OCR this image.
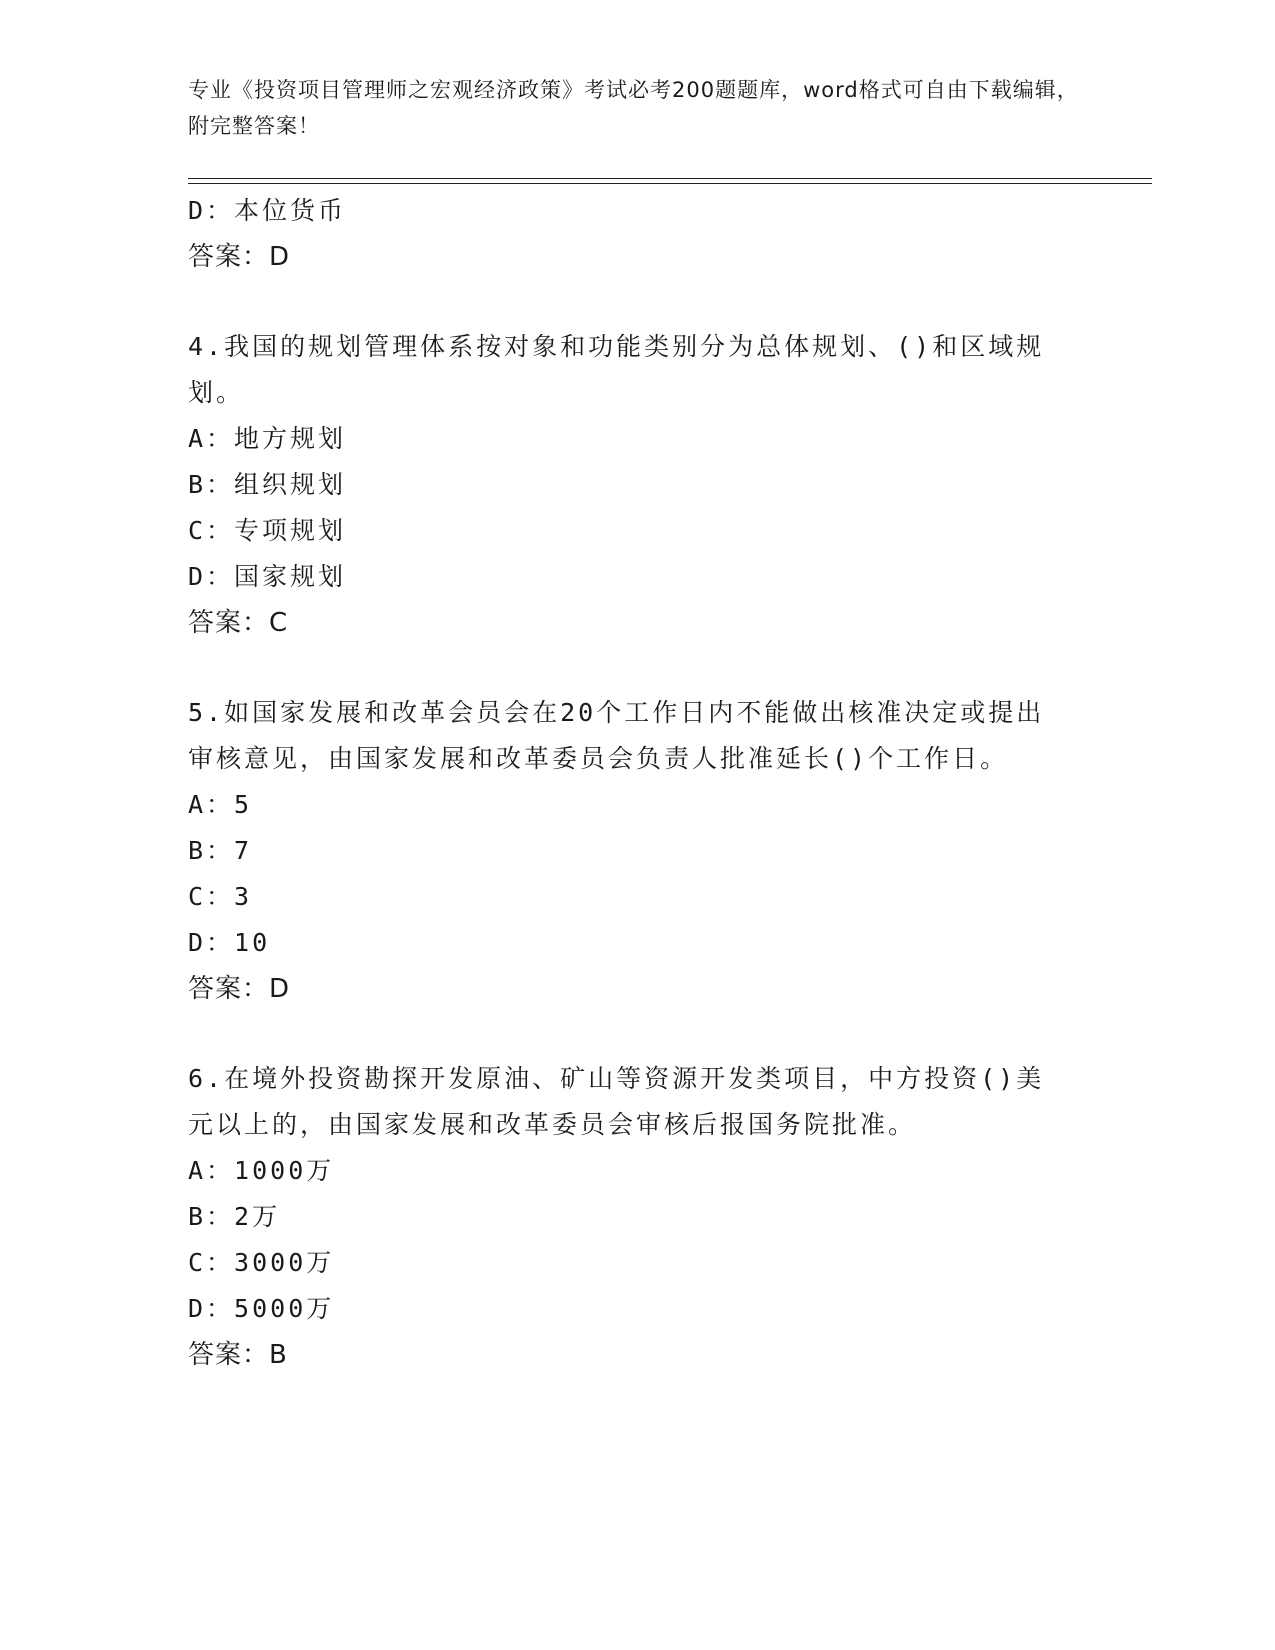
专业《投资项目管理师之宏观经济政策》考试必考200题题库，word格式可自由下载编辑，附完整答案！
D：本位货币
答案：D
4.我国的规划管理体系按对象和功能类别分为总体规划、()和区域规划。
A：地方规划
B：组织规划
C：专项规划
D：国家规划
答案：C
5.如国家发展和改革会员会在20个工作日内不能做出核准决定或提出审核意见，由国家发展和改革委员会负责人批准延长()个工作日。
A：5
B：7
C：3
D：10
答案：D
6.在境外投资勘探开发原油、矿山等资源开发类项目，中方投资()美元以上的，由国家发展和改革委员会审核后报国务院批准。
A：1000万
B：2万
C：3000万
D：5000万
答案：B
